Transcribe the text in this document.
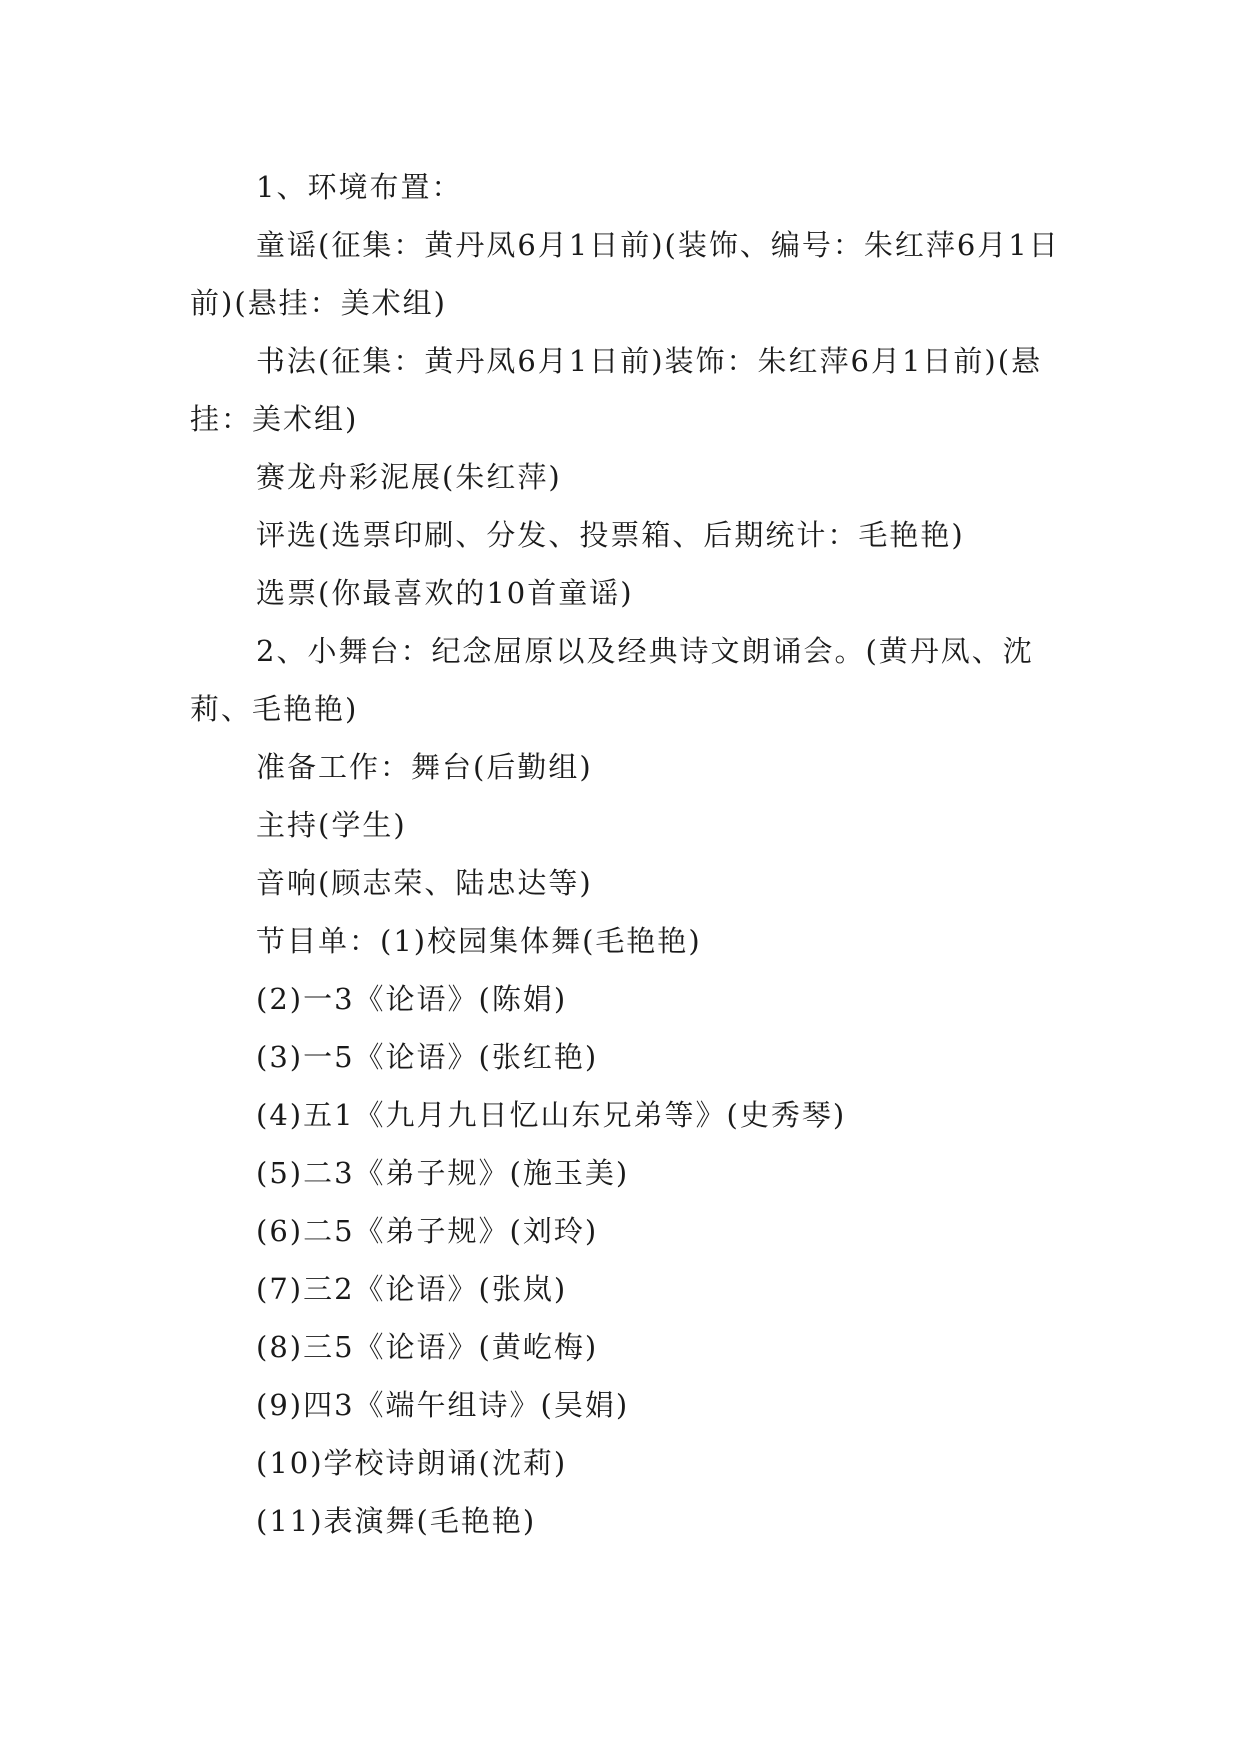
1、环境布置：

童谣(征集：黄丹凤6月1日前)(装饰、编号：朱红萍6月1日前)(悬挂：美术组)

书法(征集：黄丹凤6月1日前)装饰：朱红萍6月1日前)(悬挂：美术组)

赛龙舟彩泥展(朱红萍)

评选(选票印刷、分发、投票箱、后期统计：毛艳艳)

选票(你最喜欢的10首童谣)

2、小舞台：纪念屈原以及经典诗文朗诵会。(黄丹凤、沈莉、毛艳艳)

准备工作：舞台(后勤组)

主持(学生)

音响(顾志荣、陆忠达等)

节目单：(1)校园集体舞(毛艳艳)

(2)一3《论语》(陈娟)

(3)一5《论语》(张红艳)

(4)五1《九月九日忆山东兄弟等》(史秀琴)

(5)二3《弟子规》(施玉美)

(6)二5《弟子规》(刘玲)

(7)三2《论语》(张岚)

(8)三5《论语》(黄屹梅)

(9)四3《端午组诗》(吴娟)

(10)学校诗朗诵(沈莉)

(11)表演舞(毛艳艳)
